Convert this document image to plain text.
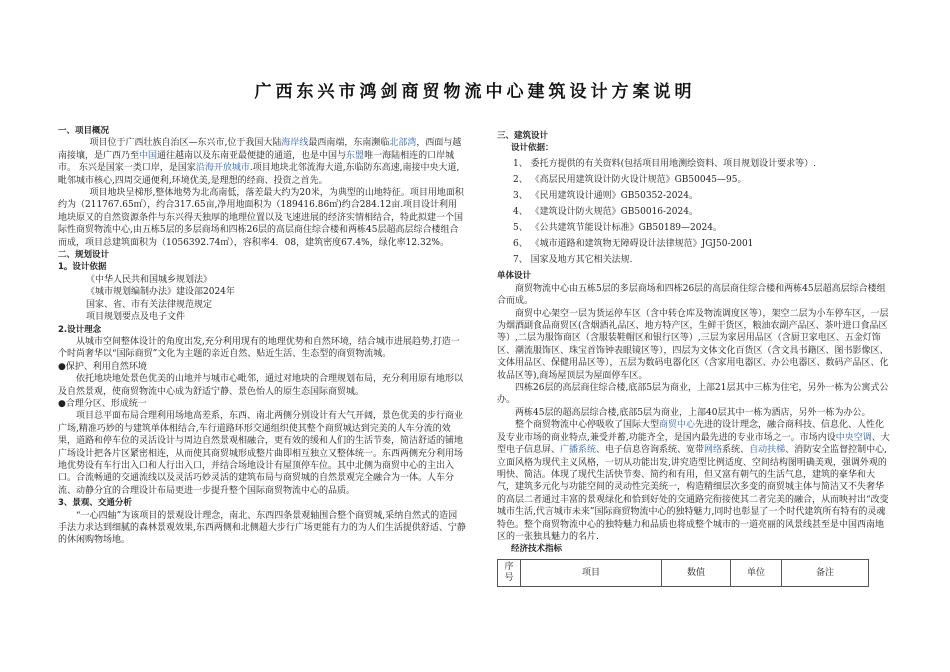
广西东兴市鸿剑商贸物流中心建筑设计方案说明

一、项目概况

项目位于广西壮族自治区—东兴市,位于我国大陆海岸线最西南端，东南濒临北部湾，西面与越南接壤，是广西乃至中国通往越南以及东南亚最便捷的通道，也是中国与东盟唯一海陆相连的口岸城市。 东兴是国家一类口岸，是国家沿海开放城市.项目地块北邻流海大道,东临防东高速,南接中央大道,毗邻城市核心,四周交通便利,环境优美,是理想的经商、投资之首先。

项目地块呈梯形,整体地势为北高南低，落差最大约为20米，为典型的山地特征。项目用地面积约为（211767.65㎡），约合317.65亩,净用地面积为（189416.86㎡)约合284.12亩.项目设计利用地块原又的自然资源条件与东兴得天独厚的地理位置以及飞速进展的经济实情相结合，特此拟建一个国际性商贸物流中心,由五栋5层的多层商场和四栋26层的高层商住综合楼和两栋45层超高层综合楼组合而成，项目总建筑面积为（1056392.74㎡），容积率4．08，建筑密度67.4%，绿化率12.32%。

二、规划设计

1。设计依据

《中华人民共和国城乡规划法》

《城市规划编制办法》建设部2024年

国家、省、市有关法律规范规定

项目规划要点及电子文件

2.设计理念

从城市空间整体设计的角度出发,充分利用现有的地理优势和自然环境，结合城市进展趋势,打造一个时尚奢华以“国际商贸”文化为主题的亲近自然、贴近生活、生态型的商贸物流城。

●保护、利用自然环境

依托地块地处景色优美的山地并与城市心毗邻，通过对地块的合理规划布局，充分利用原有地形以及自然景观，使商贸物流中心成为舒适宁静、景色怡人的原生态国际商贸城。

●合理分区、形成统一

项目总平面布局合理利用场地高差系，东西、南北两侧分别设计有大气开阔，景色优美的步行商业广场,精准巧妙的与建筑单体相结合,车行道路环形交通组织使其整个商贸城达到完美的人车分流的效果，道路和停车位的灵活设计与周边自然景观相融合，更有效的缓和人们的生活节奏，简洁舒适的铺地广场设计把各片区紧密相连，从而使其商贸城形成整片曲即相互独立又整体统一。东西两侧充分利用场地优势设有车行出入口和人行出入口，并结合场地设计有屋顶停车位。其中北侧为商贸中心的主出入口。合流畅通的交通流线以及灵活巧妙灵活的建筑布局与商贸城的自然景观完全融合为一体。人车分流、动静分宜的合理设计布局更进一步提升整个国际商贸物流中心的品质。

3、景观、交通分析

“一心四轴”为该项目的景观设计理念，南北、东西四条景观轴围合整个商贸城,采纳自然式的造园手法力求达到细腻的森林景观效果,东西两侧和北侧超大步行广场更能有力的为人们生活提供舒适、宁静的休闲购物场地。

三、建筑设计

设计依据：

1、 委托方提供的有关资料(包括项目用地测绘资料、项目规划设计要求等）.

2、 《高层民用建筑设计防火设计规范》GB50045—95。

3、 《民用建筑设计通则》GB50352-2024。

4、 《建筑设计防火规范》GB50016-2024。

5、 《公共建筑节能设计标准》GB50189—2024。

6、 《城市道路和建筑物无障碍设计法律规范》JGJ50-2001

7、 国家及地方其它相关法规.

单体设计

商贸物流中心由五栋5层的多层商场和四栋26层的高层商住综合楼和两栋45层超高层综合楼组合而成。

商贸中心架空一层为货运停车区（含中转仓库及物流调度区等），架空二层为小车停车区，一层为烟酒副食品商贸区(含烟酒礼品区、地方特产区，生鲜干货区，粮油农副产品区、茶叶进口食品区等）,二层为服饰商区（含服装鞋帽区和银行区等）,三层为家居用品区（含厨卫家电区、五金灯饰区、潮流服饰区、珠宝首饰钟表眼镜区等），四层为文体文化百货区（含文具书籍区、图书影像区、文体用品区、保健用品区等），五层为数码电器化区（含家用电器区、办公电器区、数码产品区、化妆品区等),商场屋顶层为屋面停车区。

四栋26层的高层商住综合楼,底部5层为商业，上部21层其中三栋为住宅，另外一栋为公寓式公办。

两栋45层的超高层综合楼,底部5层为商业，上部40层其中一栋为酒店，另外一栋为办公。

整个商贸物流中心停吸收了国际大型商贸中心先进的设计理念，融合商科技、信息化、人性化及专业市场的商业特点,兼受并蓄,功能齐全，是国内最先进的专业市场之一。市场内设中央空调、大型电子信息屏、广播系统、电子信息咨询系统、宽带网络系统、自动扶梯、消防安全监督控制中心,立面风格为现代主义风格，一切从功能出发,讲究造型比例适度、空间结构图明确美观，强调外观的明快、简洁。体现了现代生活快节奏、简约和有用，但又富有朝气的生活气息，建筑的豪华和大气，建筑多元化与功能空间的灵动性完美统一，构造精细层次多变的商贸城主体与简洁又不失奢华的高层二者通过丰富的景观绿化和恰到好处的交通路完衔接使其二者完美的融合，从而映衬出“改变城市生活,代言城市未来”国际商贸物流中心的独特魅力,同时也彰显了一个时代建筑所有特有的灵魂特色。整个商贸物流中心的独特魅力和品质也将成整个城市的一道亮丽的风景线甚至是中国西南地区的一张独具魅力的名片.

经济技术指标

序
号	项目	数值	单位	备注
